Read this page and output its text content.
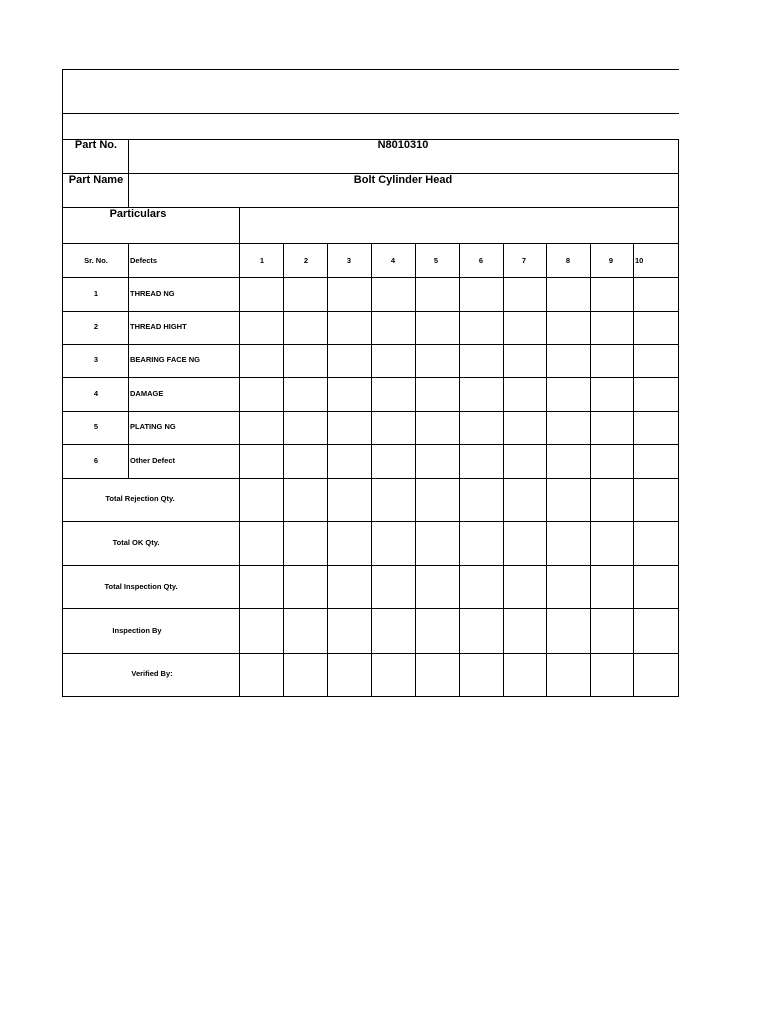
Part No.	N8010310
Part Name	Bolt Cylinder Head
Particulars
Sr. No.	Defects	1	2	3	4	5	6	7	8	9	10
1	THREAD NG
2	THREAD HIGHT
3	BEARING FACE NG
4	DAMAGE
5	PLATING NG
6	Other Defect
Total Rejection Qty.
Total OK Qty.
Total Inspection Qty.
Inspection By
Verified By:
